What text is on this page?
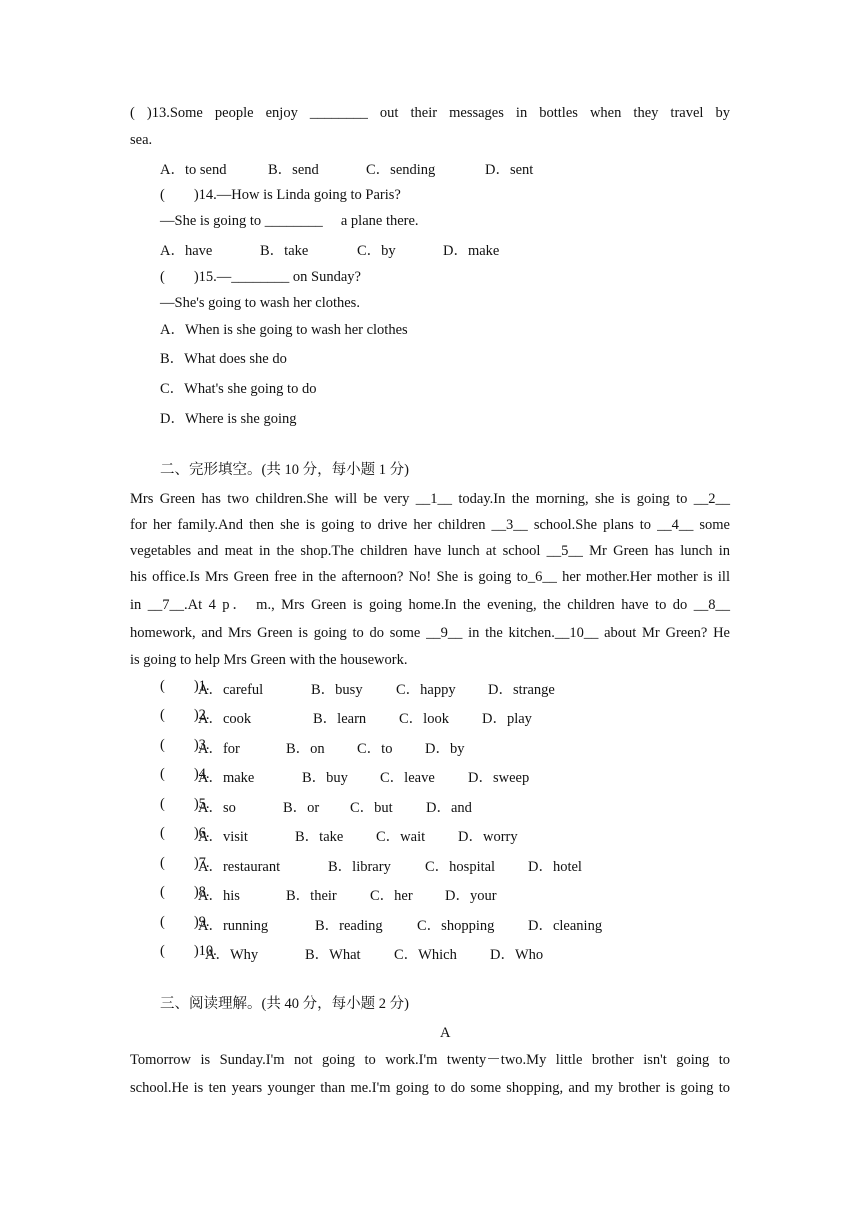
( )13.Some people enjoy ________ out their messages in bottles when they travel by
sea.
A．to send	B．send	C．sending	D．sent
(        )14.—How is Linda going to Paris?
—She is going to ________     a plane there.
A．have	B．take	C．by	D．make
(        )15.—________ on Sunday?
—She's going to wash her clothes.
A．When is she going to wash her clothes
B．What does she do
C．What's she going to do
D．Where is she going
二、完形填空。(共 10 分，每小题 1 分)
Mrs Green has two children.She will be very __1__ today.In the morning, she is going to __2__
for her family.And then she is going to drive her children __3__ school.She plans to __4__ some
vegetables and meat in the shop.The children have lunch at school __5__ Mr Green has lunch in
his office.Is Mrs Green free in the afternoon? No! She is going to_6__ her mother.Her mother is ill
in __7__.At 4 p． m., Mrs Green is going home.In the evening, the children have to do __8__
homework, and Mrs Green is going to do some __9__ in the kitchen.__10__ about Mr Green? He
is going to help Mrs Green with the housework.
(        )1.
A．careful	B．busy C．happy D．strange
(        )2.
A．cook	B．learn C．look D．play
(        )3.
A．for	B．on C．to D．by
(        )4.
A．make	B．buy C．leave D．sweep
(        )5.
A．so	B．or C．but D．and
(        )6.
A．visit	B．take C．wait D．worry
(        )7.
A．restaurant	B．library C．hospital D．hotel
(        )8.
A．his	B．their C．her D．your
(        )9.
A．running	B．reading C．shopping D．cleaning
(        )10.
A．Why	B．What C．Which D．Who
三、阅读理解。(共 40 分，每小题 2 分)
A
Tomorrow is Sunday.I'm not going to work.I'm twenty－two.My little brother isn't going to
school.He is ten years younger than me.I'm going to do some shopping, and my brother is going to
